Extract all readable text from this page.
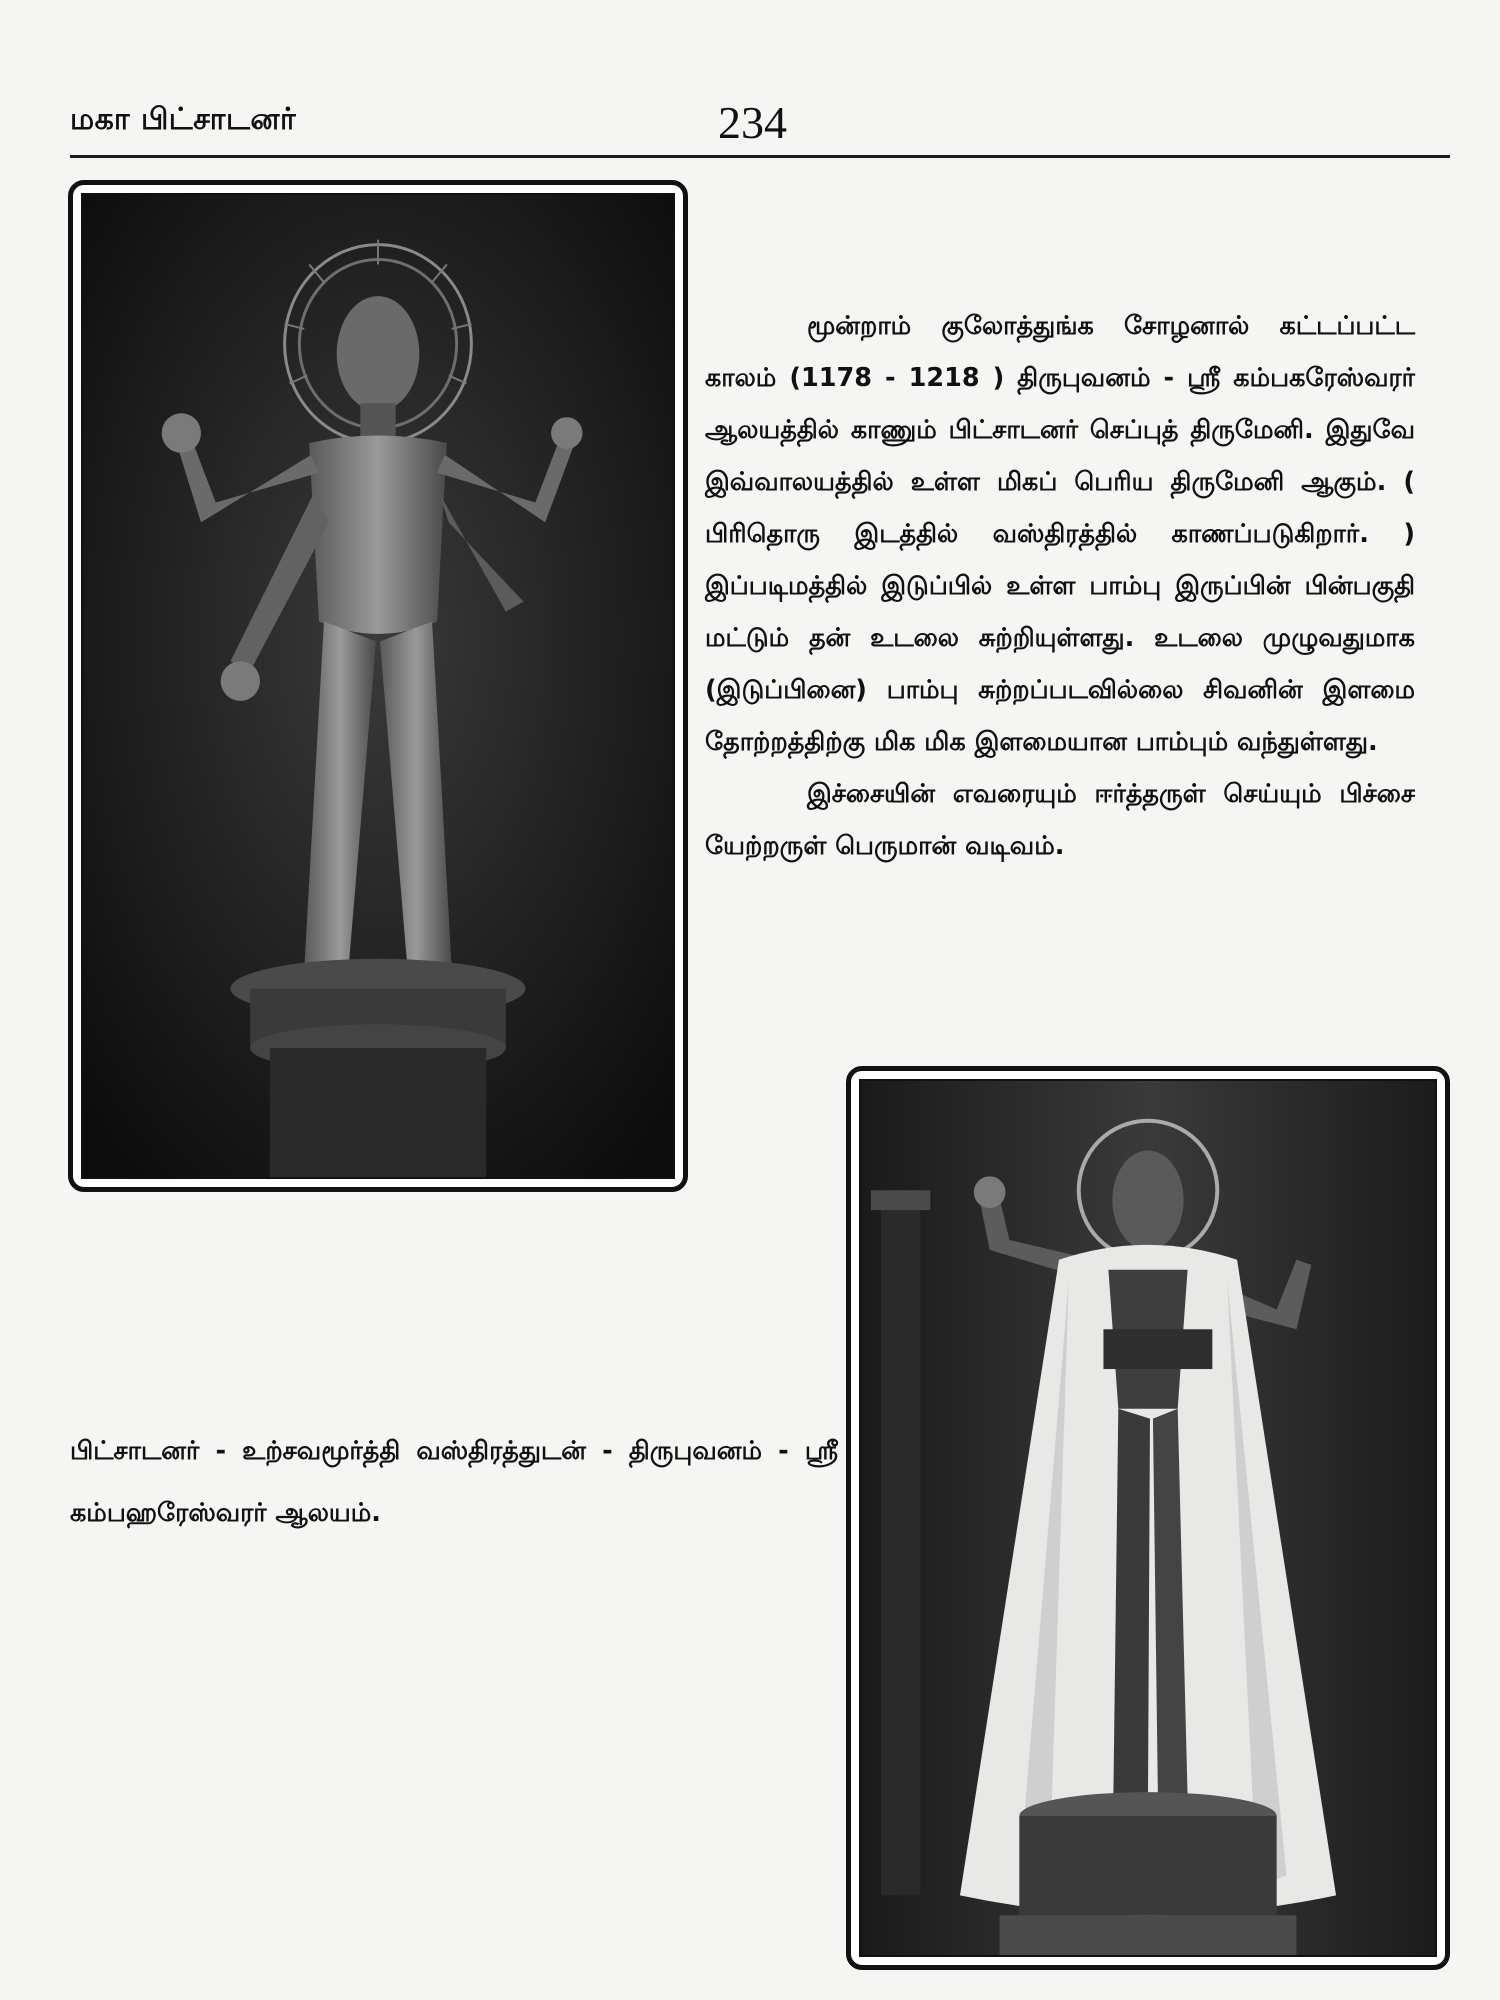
மகா பிட்சாடனர்	234

மூன்றாம் குலோத்துங்க சோழனால் கட்டப்பட்ட காலம் (1178 - 1218 ) திருபுவனம் - ஸ்ரீ கம்பகரேஸ்வரர் ஆலயத்தில் காணும் பிட்சாடனர் செப்புத் திருமேனி. இதுவே இவ்வாலயத்தில் உள்ள மிகப் பெரிய திருமேனி ஆகும். ( பிரிதொரு இடத்தில் வஸ்திரத்தில் காணப்படுகிறார். ) இப்படிமத்தில் இடுப்பில் உள்ள பாம்பு இருப்பின் பின்பகுதி மட்டும் தன் உடலை சுற்றியுள்ளது. உடலை முழுவதுமாக (இடுப்பினை) பாம்பு சுற்றப்படவில்லை சிவனின் இளமை தோற்றத்திற்கு மிக மிக இளமையான பாம்பும் வந்துள்ளது.

இச்சையின் எவரையும் ஈர்த்தருள் செய்யும் பிச்சை யேற்றருள் பெருமான் வடிவம்.

பிட்சாடனர் - உற்சவமூர்த்தி வஸ்திரத்துடன் - திருபுவனம் - ஸ்ரீ கம்பஹரேஸ்வரர் ஆலயம்.
